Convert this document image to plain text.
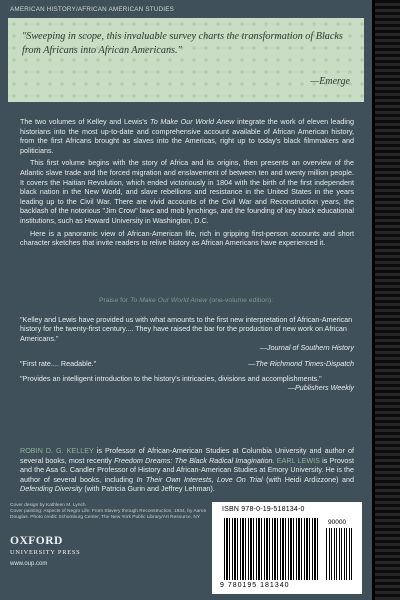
AMERICAN HISTORY/AFRICAN AMERICAN STUDIES
"Sweeping in scope, this invaluable survey charts the transformation of Blacks from Africans into African Americans."
—Emerge

The two volumes of Kelley and Lewis's To Make Our World Anew integrate the work of eleven leading historians into the most up-to-date and comprehensive account available of African American history, from the first Africans brought as slaves into the Americas, right up to today's black filmmakers and politicians.

This first volume begins with the story of Africa and its origins, then presents an overview of the Atlantic slave trade and the forced migration and enslavement of between ten and twenty million people. It covers the Haitian Revolution, which ended victoriously in 1804 with the birth of the first independent black nation in the New World, and slave rebellions and resistance in the United States in the years leading up to the Civil War. There are vivid accounts of the Civil War and Reconstruction years, the backlash of the notorious "Jim Crow" laws and mob lynchings, and the founding of key black educational institutions, such as Howard University in Washington, D.C.

Here is a panoramic view of African-American life, rich in gripping first-person accounts and short character sketches that invite readers to relive history as African Americans have experienced it.

Praise for To Make Our World Anew (one-volume edition):
"Kelley and Lewis have provided us with what amounts to the first new interpretation of African-American history for the twenty-first century.... They have raised the bar for the production of new work on African Americans."
—Journal of Southern History
"First rate.... Readable."	—The Richmond Times-Dispatch
"Provides an intelligent introduction to the history's intricacies, divisions and accomplishments."
—Publishers Weekly
ROBIN D. G. KELLEY is Professor of African-American Studies at Columbia University and author of several books, most recently Freedom Dreams: The Black Radical Imagination. EARL LEWIS is Provost and the Asa G. Candler Professor of History and African-American Studies at Emory University. He is the author of several books, including In Their Own Interests, Love On Trial (with Heidi Ardizzone) and Defending Diversity (with Patricia Gurin and Jeffrey Lehman).
Cover design by Kathleen M. Lynch
Cover painting: Aspects of Negro Life: From Slavery through Reconstruction, 1934, by Aaron Douglas. Photo credit: Schomburg Center, The New York Public Library/Art Resource, NY
OXFORD
UNIVERSITY PRESS
www.oup.com
ISBN 978-0-19-518134-0
90000
9 780195 181340
